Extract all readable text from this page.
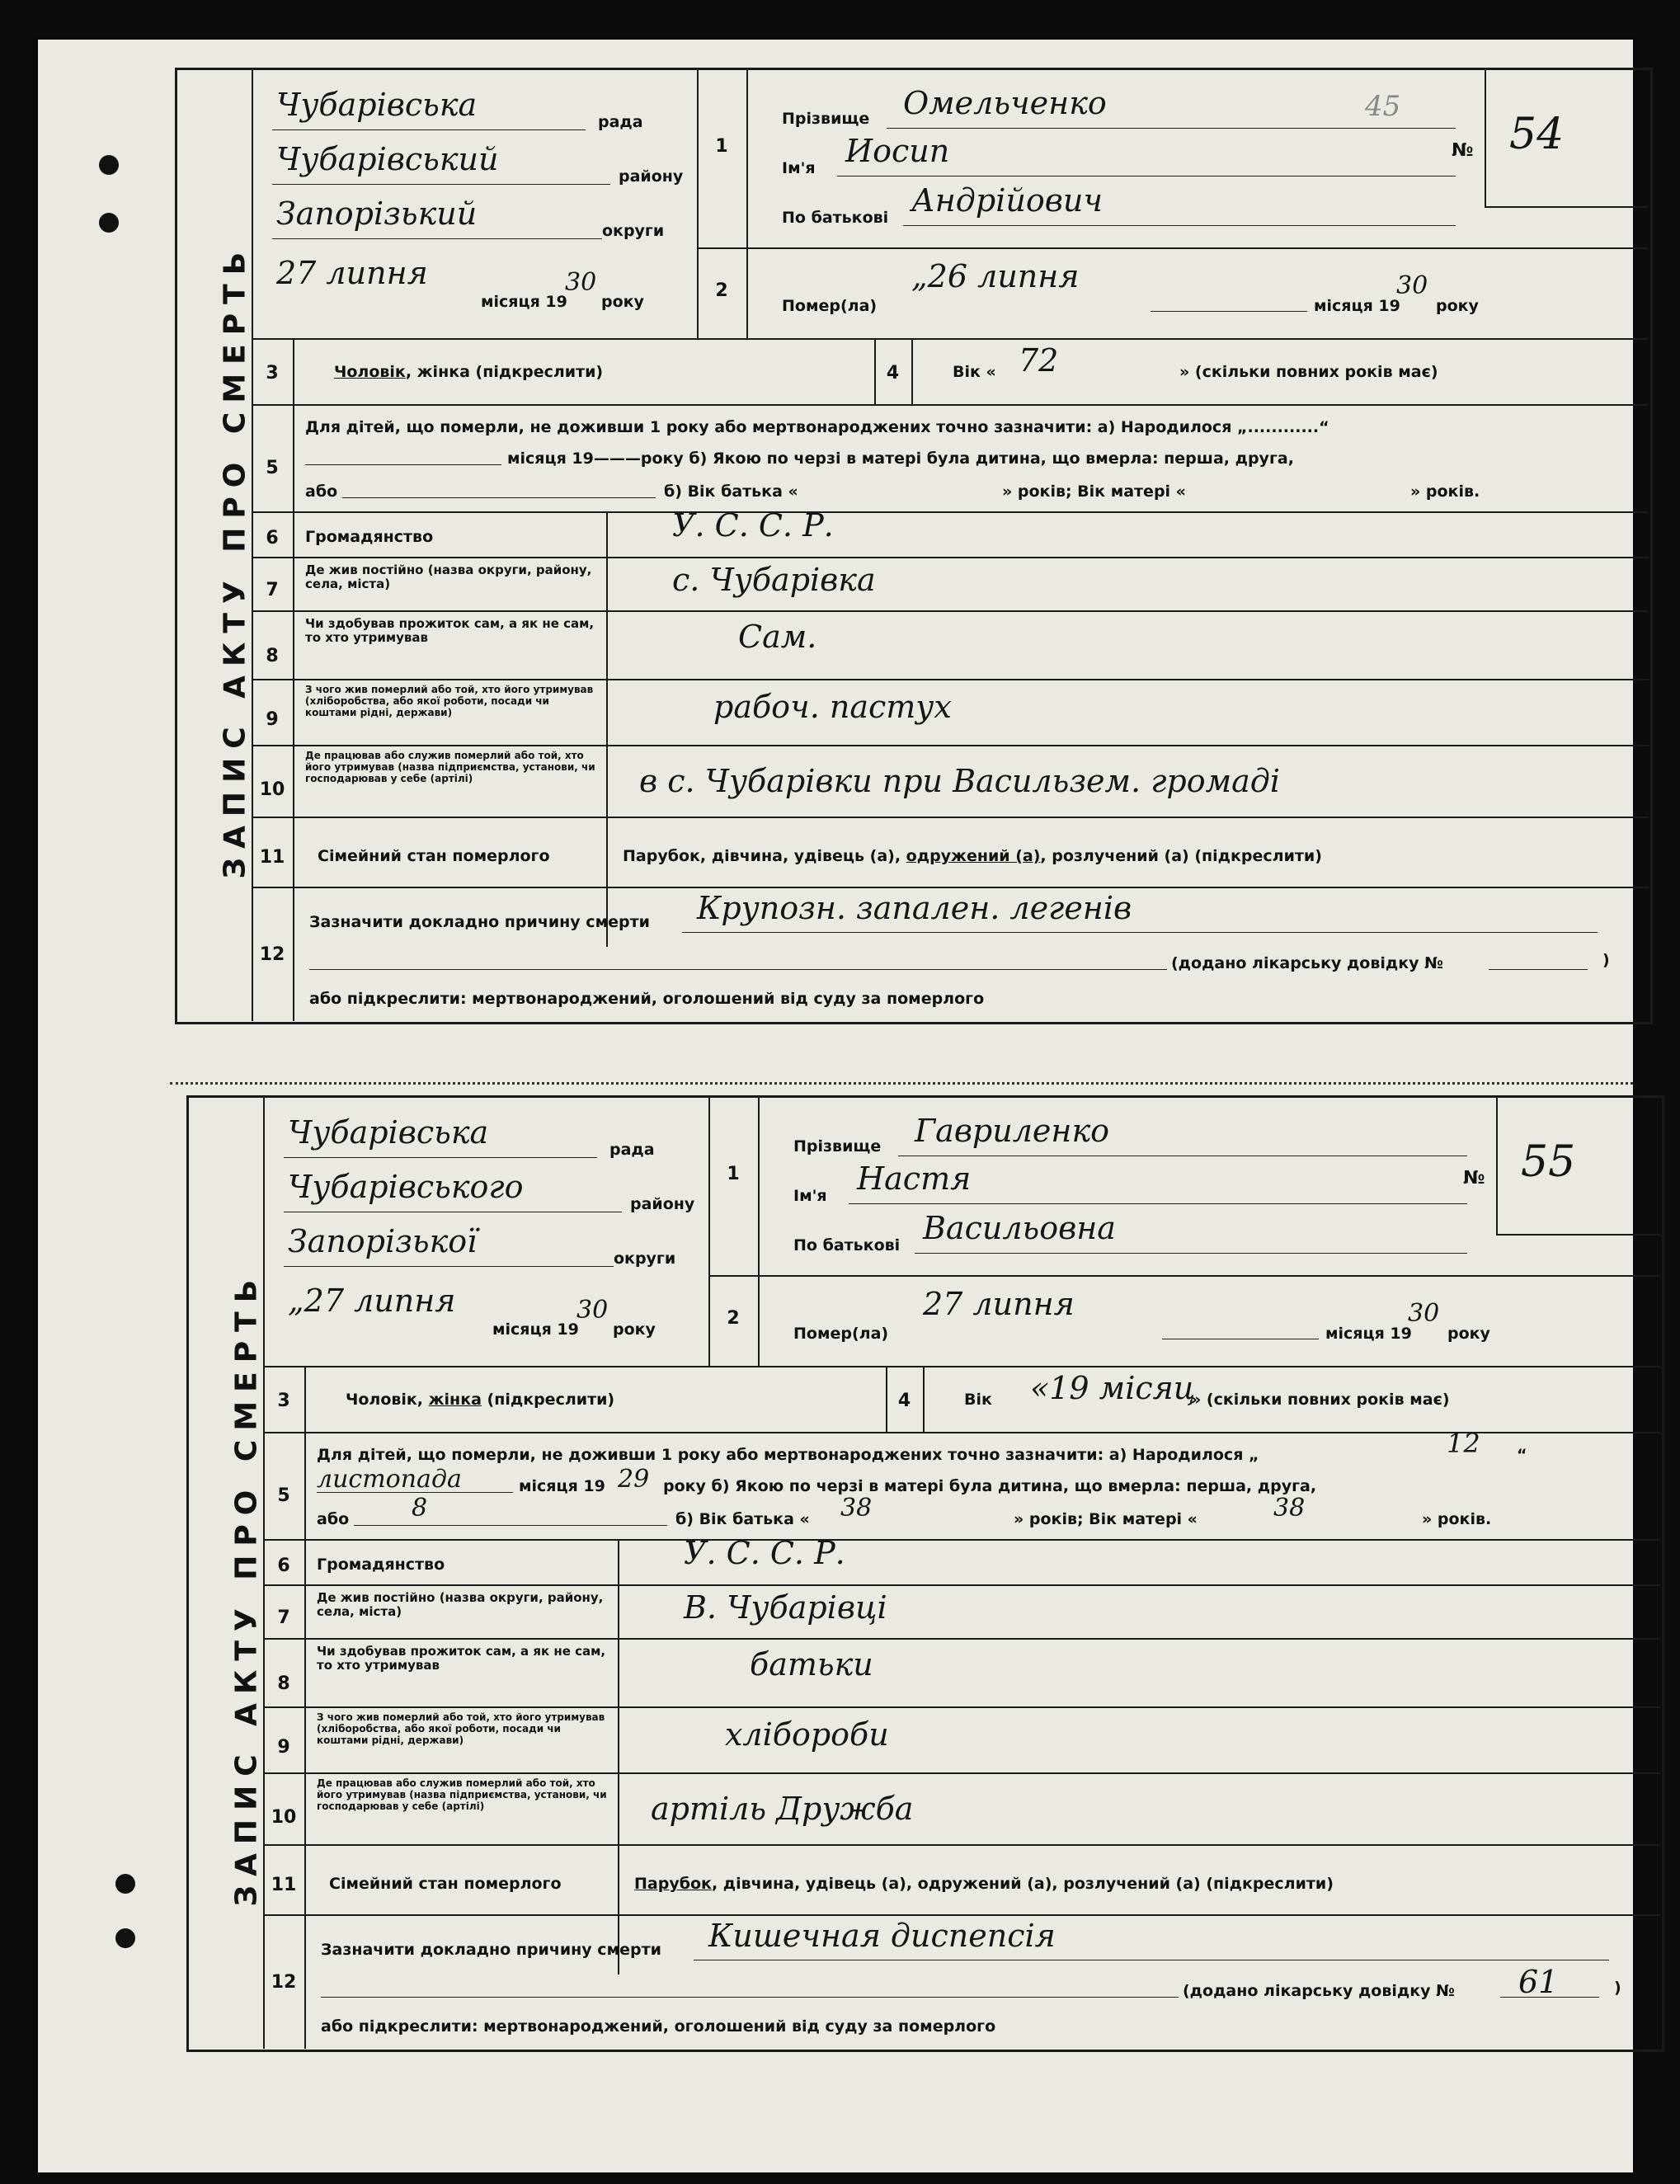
ЗАПИС АКТУ ПРО СМЕРТЬ
Чубарівська	рада
Чубарівський	району
Запорізький	округи
27 липня
місяця 19
30
року
1
Прізвище Омельченко
Ім'я Иосип
По батькові Андрійович
№ 54
45
2
Помер(ла)
„26 липня
місяця 19
30
року
3	Чоловік, жінка (підкреслити)	4	Вік « 72	» (скільки повних років має)
5
Для дітей, що померли, не доживши 1 року або мертвонароджених точно зазначити: а) Народилося „............“
місяця 19———року б) Якою по черзі в матері була дитина, що вмерла: перша, друга,
або	б) Вік батька «	» років; Вік матері «	» років.
6	Громадянство	У. С. С. Р.
7
Де жив постійно (назва округи, району, села, міста)	с. Чубарівка
8
Чи здобував прожиток сам, а як не сам, то хто утримував	Сам.
9
З чого жив померлий або той, хто його утримував (хліборобства, або якої роботи, посади чи коштами рідні, держави)	рабоч. пастух
10
Де працював або служив померлий або той, хто його утримував (назва підприємства, установи, чи господарював у себе (артілі)	в с. Чубарівки при Васильзем. громаді
11	Сімейний стан померлого	Парубок, дівчина, удівець (а), одружений (а), розлучений (а) (підкреслити)
12
Зазначити докладно причину смерти Крупозн. запален. легенів
(додано лікарську довідку №	)
або підкреслити: мертвонароджений, оголошений від суду за померлого
ЗАПИС АКТУ ПРО СМЕРТЬ
Чубарівська	рада
Чубарівського	району
Запорізької	округи
„27 липня
місяця 19
30
року
1
Прізвище Гавриленко
Ім'я Настя
По батькові Васильовна
№ 55
2
Помер(ла)
27 липня
місяця 19
30
року
3	Чоловік, жінка (підкреслити)	4	Вік «19 місяц
» (скільки повних років має)
5
Для дітей, що померли, не доживши 1 року або мертвонароджених точно зазначити: а) Народилося „	“
12
листопада	місяця 19 29 року б) Якою по черзі в матері була дитина, що вмерла: перша, друга,
або	8	б) Вік батька « 38	» років; Вік матері «	38	» років.
6	Громадянство	У. С. С. Р.
7
Де жив постійно (назва округи, району, села, міста)	В. Чубарівці
8
Чи здобував прожиток сам, а як не сам, то хто утримував	батьки
9
З чого жив померлий або той, хто його утримував (хліборобства, або якої роботи, посади чи коштами рідні, держави)	хлібороби
10
Де працював або служив померлий або той, хто його утримував (назва підприємства, установи, чи господарював у себе (артілі)	артіль Дружба
11	Сімейний стан померлого	Парубок, дівчина, удівець (а), одружений (а), розлучений (а) (підкреслити)
12
Зазначити докладно причину смерти Кишечная диспепсія
(додано лікарську довідку № 61	)
або підкреслити: мертвонароджений, оголошений від суду за померлого
